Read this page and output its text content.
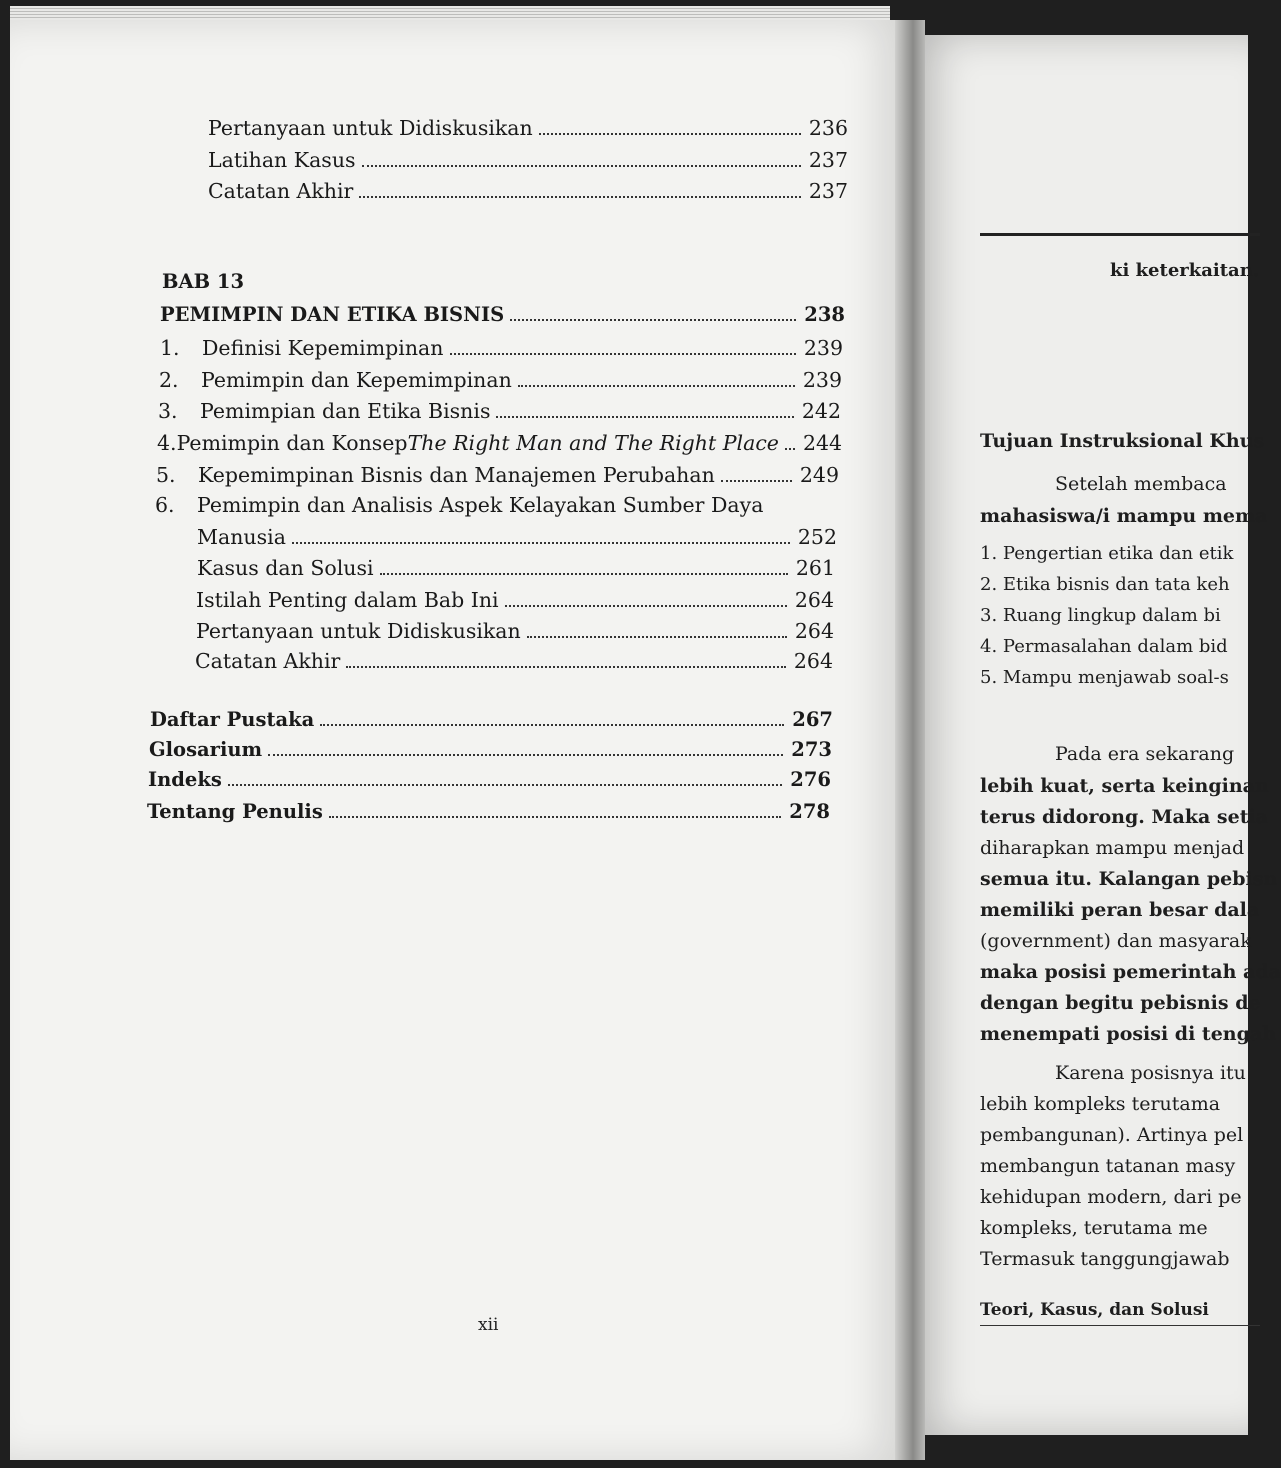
ki keterkaitan.
Tujuan Instruksional Khus
Setelah membaca
mahasiswa/i mampu mema
1. Pengertian etika dan etik
2. Etika bisnis dan tata keh
3. Ruang lingkup dalam bi
4. Permasalahan dalam bid
5. Mampu menjawab soal-s
Pada era sekarang
lebih kuat, serta keinginan
terus didorong. Maka setia
diharapkan mampu menjad
semua itu. Kalangan pebisn
memiliki peran besar dala
(government) dan masyarak
maka posisi pemerintah ada
dengan begitu pebisnis de
menempati posisi di tengah
Karena posisnya itu
lebih kompleks terutama
pembangunan). Artinya pel
membangun tatanan masy
kehidupan modern, dari pe
kompleks, terutama me
Termasuk tanggungjawab
Teori, Kasus, dan Solusi
Pertanyaan untuk Didiskusikan	236
Latihan Kasus	237
Catatan Akhir	237
BAB 13
PEMIMPIN DAN ETIKA BISNIS	238
1.	Definisi Kepemimpinan	239
2.	Pemimpin dan Kepemimpinan	239
3.	Pemimpian dan Etika Bisnis	242
4. Pemimpin dan Konsep The Right Man and The Right Place 244
5.	Kepemimpinan Bisnis dan Manajemen Perubahan	249
6.	Pemimpin dan Analisis Aspek Kelayakan Sumber Daya
Manusia	252
Kasus dan Solusi	261
Istilah Penting dalam Bab Ini	264
Pertanyaan untuk Didiskusikan	264
Catatan Akhir	264
Daftar Pustaka	267
Glosarium	273
Indeks	276
Tentang Penulis	278
xii
